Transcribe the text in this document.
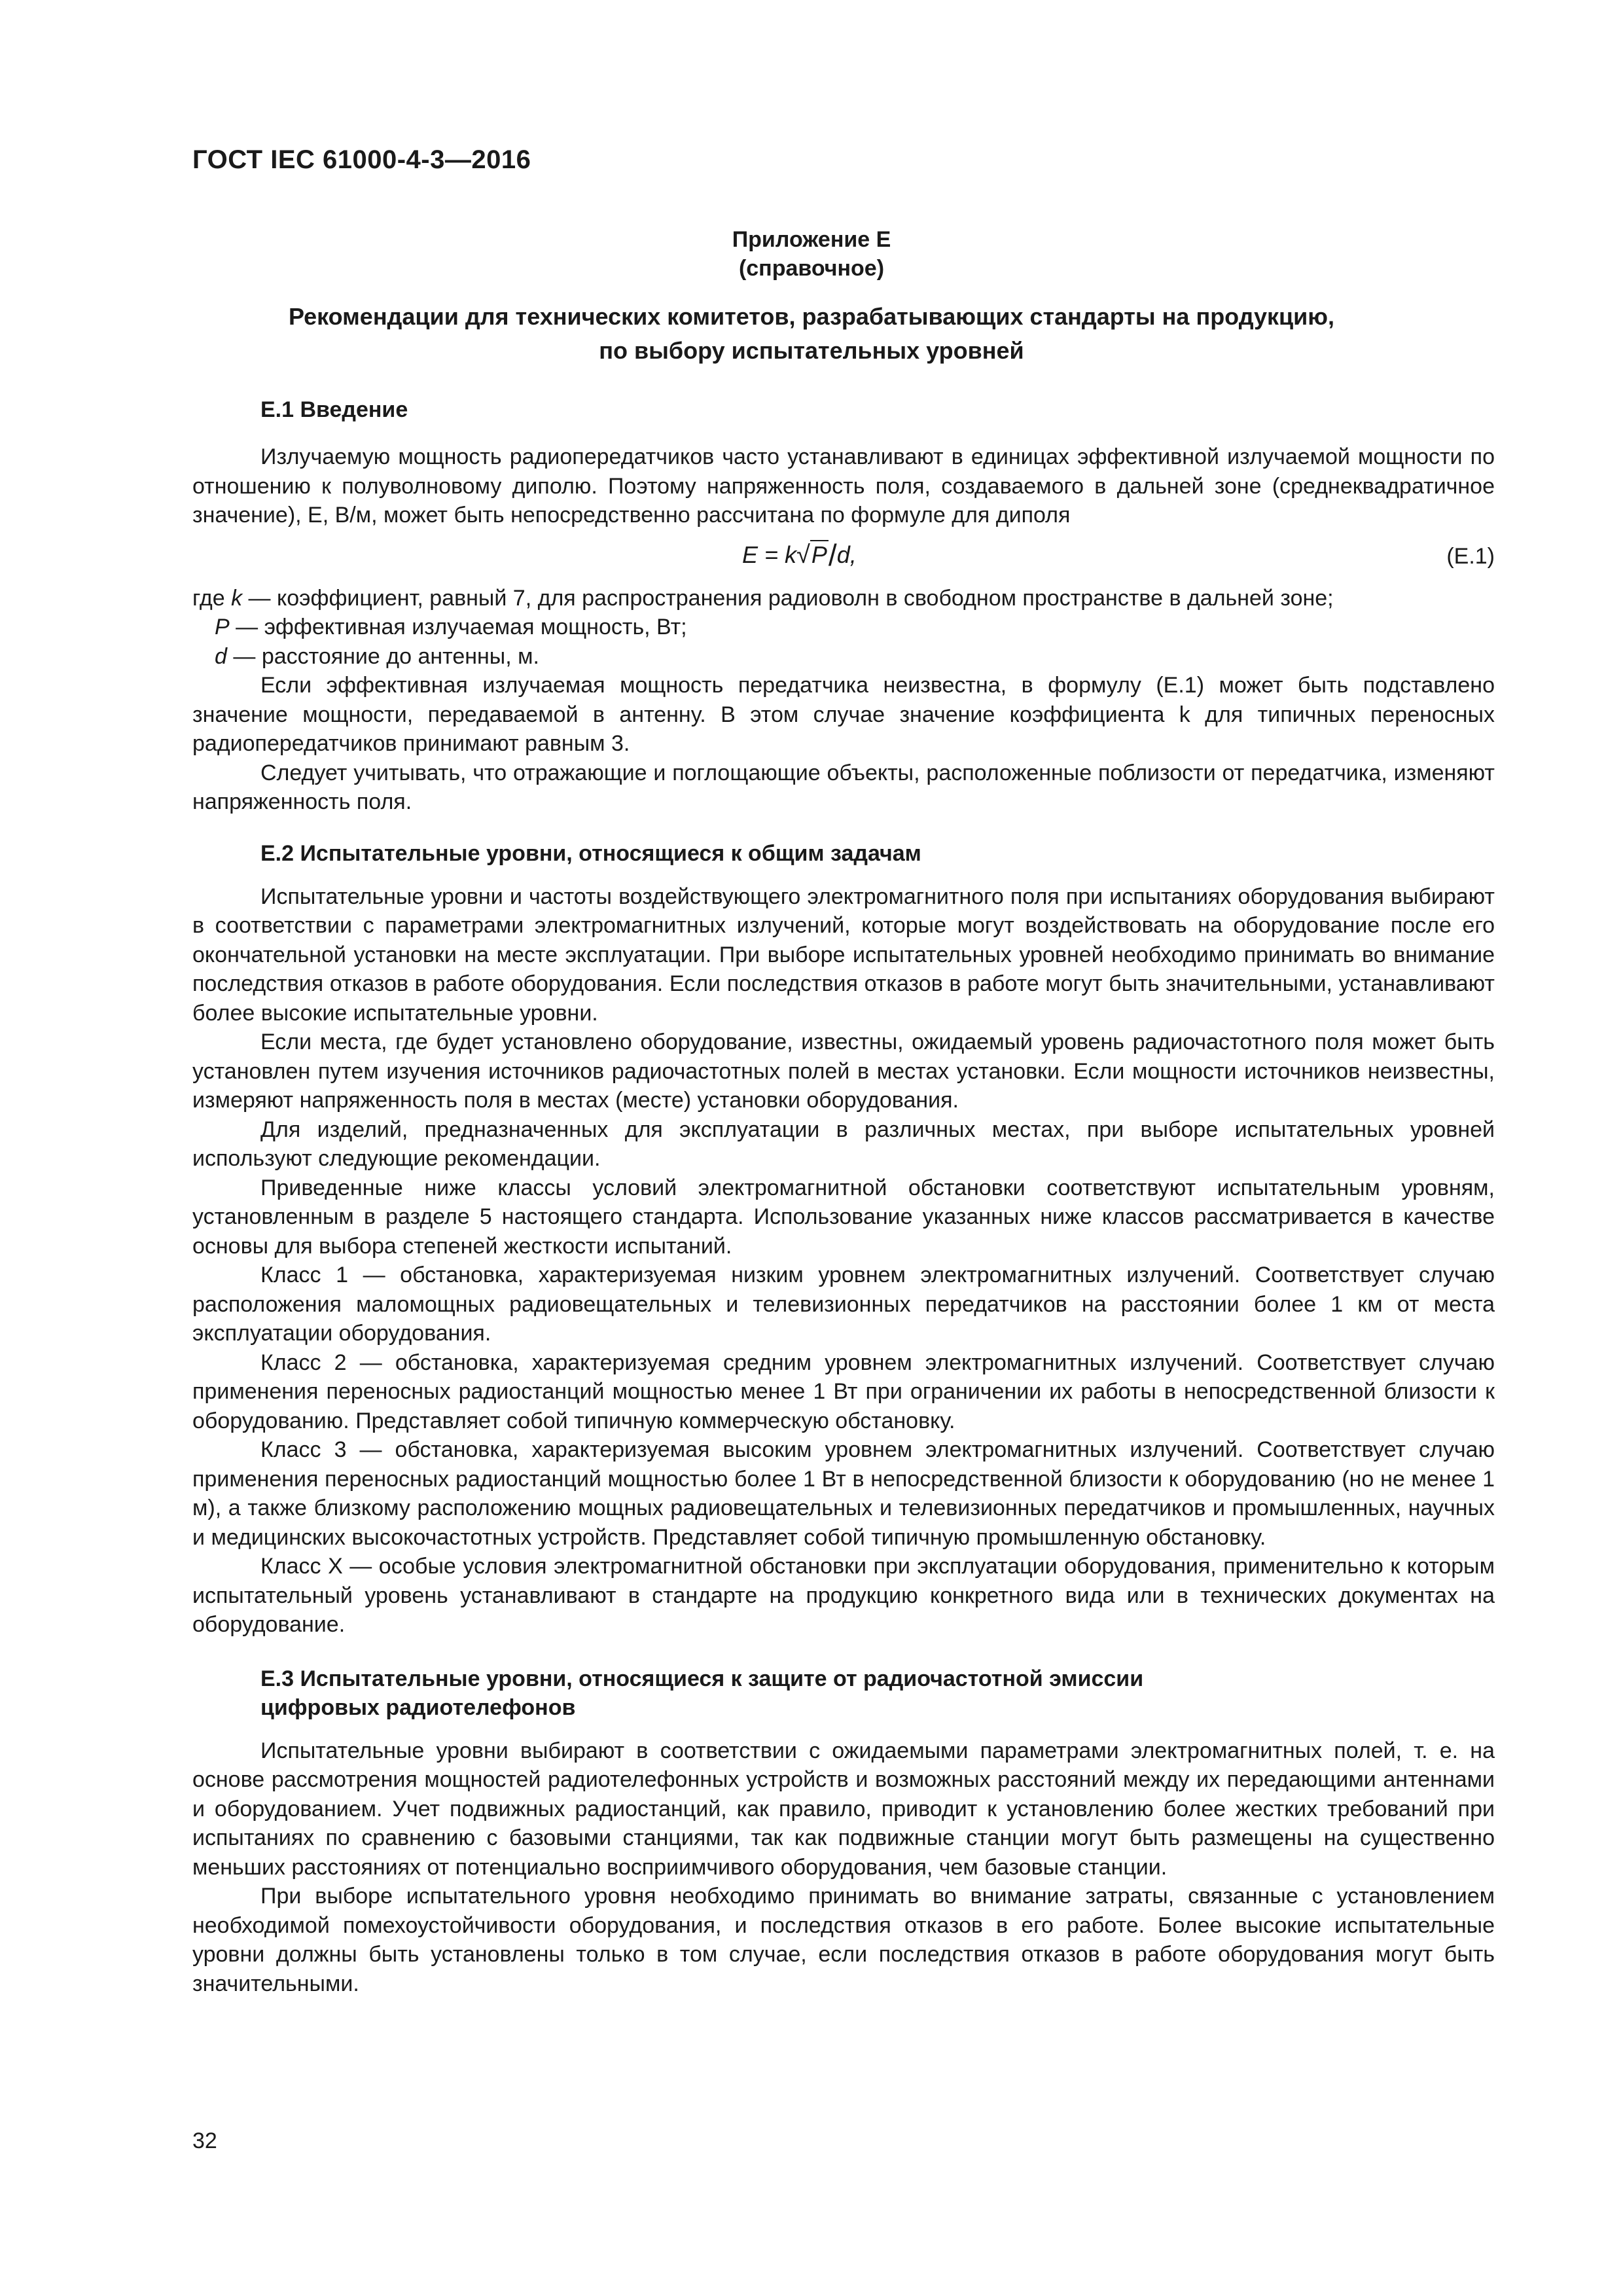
ГОСТ IEC 61000-4-3—2016
Приложение Е
(справочное)
Рекомендации для технических комитетов, разрабатывающих стандарты на продукцию,
по выбору испытательных уровней
Е.1 Введение

Излучаемую мощность радиопередатчиков часто устанавливают в единицах эффективной излучаемой мощности по отношению к полуволновому диполю. Поэтому напряженность поля, создаваемого в дальней зоне (среднеквадратичное значение), E, В/м, может быть непосредственно рассчитана по формуле для диполя

E = k√P/d,	(Е.1)
где k — коэффициент, равный 7, для распространения радиоволн в свободном пространстве в дальней зоне;
P — эффективная излучаемая мощность, Вт;
d — расстояние до антенны, м.

Если эффективная излучаемая мощность передатчика неизвестна, в формулу (Е.1) может быть подставлено значение мощности, передаваемой в антенну. В этом случае значение коэффициента k для типичных переносных радиопередатчиков принимают равным 3.

Следует учитывать, что отражающие и поглощающие объекты, расположенные поблизости от передатчика, изменяют напряженность поля.

Е.2 Испытательные уровни, относящиеся к общим задачам

Испытательные уровни и частоты воздействующего электромагнитного поля при испытаниях оборудования выбирают в соответствии с параметрами электромагнитных излучений, которые могут воздействовать на оборудование после его окончательной установки на месте эксплуатации. При выборе испытательных уровней необходимо принимать во внимание последствия отказов в работе оборудования. Если последствия отказов в работе могут быть значительными, устанавливают более высокие испытательные уровни.

Если места, где будет установлено оборудование, известны, ожидаемый уровень радиочастотного поля может быть установлен путем изучения источников радиочастотных полей в местах установки. Если мощности источников неизвестны, измеряют напряженность поля в местах (месте) установки оборудования.

Для изделий, предназначенных для эксплуатации в различных местах, при выборе испытательных уровней используют следующие рекомендации.

Приведенные ниже классы условий электромагнитной обстановки соответствуют испытательным уровням, установленным в разделе 5 настоящего стандарта. Использование указанных ниже классов рассматривается в качестве основы для выбора степеней жесткости испытаний.

Класс 1 — обстановка, характеризуемая низким уровнем электромагнитных излучений. Соответствует случаю расположения маломощных радиовещательных и телевизионных передатчиков на расстоянии более 1 км от места эксплуатации оборудования.

Класс 2 — обстановка, характеризуемая средним уровнем электромагнитных излучений. Соответствует случаю применения переносных радиостанций мощностью менее 1 Вт при ограничении их работы в непосредственной близости к оборудованию. Представляет собой типичную коммерческую обстановку.

Класс 3 — обстановка, характеризуемая высоким уровнем электромагнитных излучений. Соответствует случаю применения переносных радиостанций мощностью более 1 Вт в непосредственной близости к оборудованию (но не менее 1 м), а также близкому расположению мощных радиовещательных и телевизионных передатчиков и промышленных, научных и медицинских высокочастотных устройств. Представляет собой типичную промышленную обстановку.

Класс X — особые условия электромагнитной обстановки при эксплуатации оборудования, применительно к которым испытательный уровень устанавливают в стандарте на продукцию конкретного вида или в технических документах на оборудование.

Е.3 Испытательные уровни, относящиеся к защите от радиочастотной эмиссии цифровых радиотелефонов

Испытательные уровни выбирают в соответствии с ожидаемыми параметрами электромагнитных полей, т. е. на основе рассмотрения мощностей радиотелефонных устройств и возможных расстояний между их передающими антеннами и оборудованием. Учет подвижных радиостанций, как правило, приводит к установлению более жестких требований при испытаниях по сравнению с базовыми станциями, так как подвижные станции могут быть размещены на существенно меньших расстояниях от потенциально восприимчивого оборудования, чем базовые станции.

При выборе испытательного уровня необходимо принимать во внимание затраты, связанные с установлением необходимой помехоустойчивости оборудования, и последствия отказов в его работе. Более высокие испытательные уровни должны быть установлены только в том случае, если последствия отказов в работе оборудования могут быть значительными.

32
